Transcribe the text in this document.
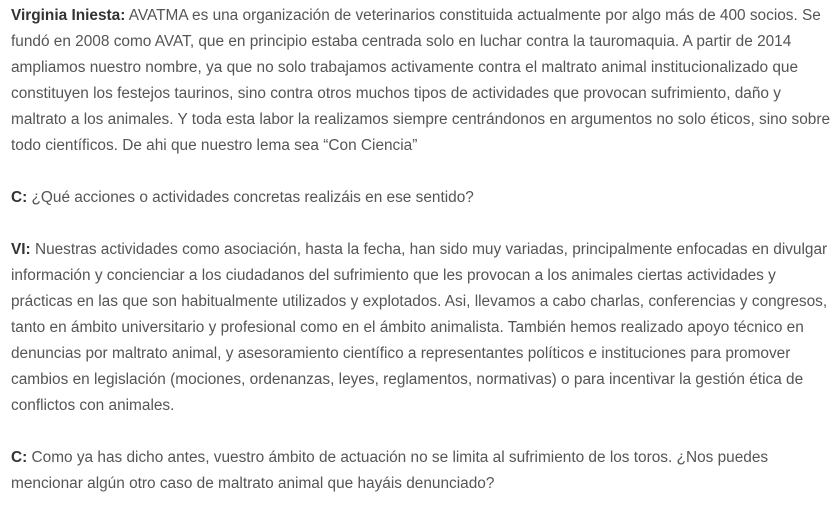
Virginia Iniesta: AVATMA es una organización de veterinarios constituida actualmente por algo más de 400 socios. Se fundó en 2008 como AVAT, que en principio estaba centrada solo en luchar contra la tauromaquia. A partir de 2014 ampliamos nuestro nombre, ya que no solo trabajamos activamente contra el maltrato animal institucionalizado que constituyen los festejos taurinos, sino contra otros muchos tipos de actividades que provocan sufrimiento, daño y maltrato a los animales. Y toda esta labor la realizamos siempre centrándonos en argumentos no solo éticos, sino sobre todo científicos. De ahi que nuestro lema sea “Con Ciencia”

C: ¿Qué acciones o actividades concretas realizáis en ese sentido?

VI: Nuestras actividades como asociación, hasta la fecha, han sido muy variadas, principalmente enfocadas en divulgar información y concienciar a los ciudadanos del sufrimiento que les provocan a los animales ciertas actividades y prácticas en las que son habitualmente utilizados y explotados. Asi, llevamos a cabo charlas, conferencias y congresos, tanto en ámbito universitario y profesional como en el ámbito animalista. También hemos realizado apoyo técnico en denuncias por maltrato animal, y asesoramiento científico a representantes políticos e instituciones para promover cambios en legislación (mociones, ordenanzas, leyes, reglamentos, normativas) o para incentivar la gestión ética de conflictos con animales.

C: Como ya has dicho antes, vuestro ámbito de actuación no se limita al sufrimiento de los toros. ¿Nos puedes mencionar algún otro caso de maltrato animal que hayáis denunciado?
